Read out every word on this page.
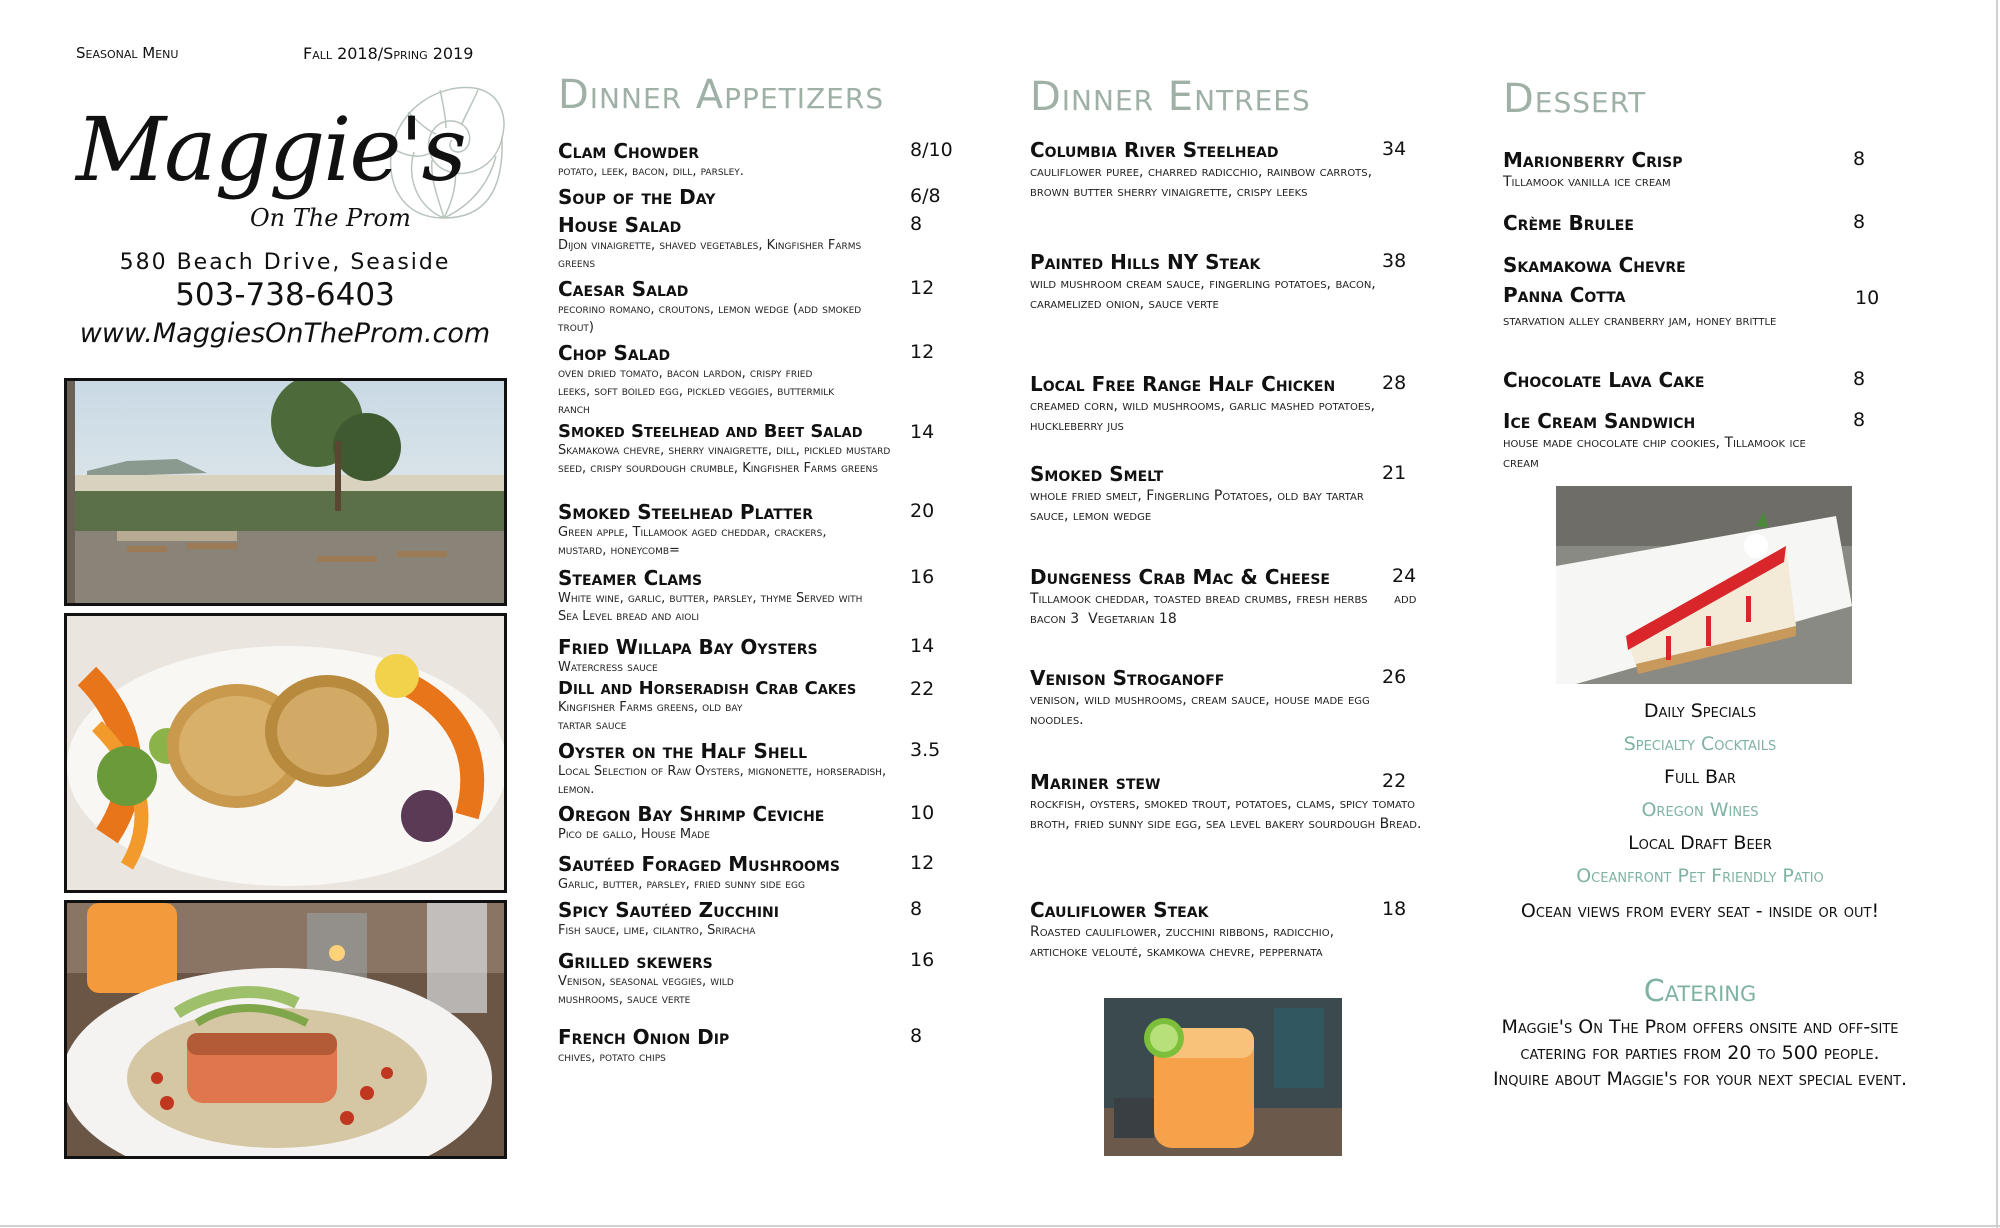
Seasonal Menu	Fall 2018/Spring 2019
Maggie's
On The Prom
580 Beach Drive, Seaside
503-738-6403
www.MaggiesOnTheProm.com
Dinner Appetizers
Clam Chowder	8/10
potato, leek, bacon, dill, parsley.
Soup of the Day	6/8
House Salad	8
Dijon vinaigrette, shaved vegetables, Kingfisher Farms greens
Caesar Salad	12
pecorino romano, croutons, lemon wedge (add smoked trout)
Chop Salad	12
oven dried tomato, bacon lardon, crispy fried leeks, soft boiled egg, pickled veggies, buttermilk ranch
Smoked Steelhead and Beet Salad	14
Skamakowa chevre, sherry vinaigrette, dill, pickled mustard seed, crispy sourdough crumble, Kingfisher Farms greens
Smoked Steelhead Platter	20
Green apple, Tillamook aged cheddar, crackers, mustard, honeycomb=
Steamer Clams	16
White wine, garlic, butter, parsley, thyme Served with Sea Level bread and aioli
Fried Willapa Bay Oysters	14
Watercress sauce
Dill and Horseradish Crab Cakes	22
Kingfisher Farms greens, old bay tartar sauce
Oyster on the Half Shell	3.5
Local Selection of Raw Oysters, mignonette, horseradish, lemon.
Oregon Bay Shrimp Ceviche	10
Pico de gallo, House Made
Sautéed Foraged Mushrooms	12
Garlic, butter, parsley, fried sunny side egg
Spicy Sautéed Zucchini	8
Fish sauce, lime, cilantro, Sriracha
Grilled skewers	16
Venison, seasonal veggies, wild mushrooms, sauce verte
French Onion Dip	8
chives, potato chips
Dinner Entrees
Columbia River Steelhead	34
cauliflower puree, charred radicchio, rainbow carrots, brown butter sherry vinaigrette, crispy leeks
Painted Hills NY Steak	38
wild mushroom cream sauce, fingerling potatoes, bacon, caramelized onion, sauce verte
Local Free Range Half Chicken	28
creamed corn, wild mushrooms, garlic mashed potatoes, huckleberry jus
Smoked Smelt	21
whole fried smelt, Fingerling Potatoes, old bay tartar sauce, lemon wedge
Dungeness Crab Mac & Cheese	24
Tillamook cheddar, toasted bread crumbs, fresh herbs      add bacon 3  Vegetarian 18
Venison Stroganoff	26
venison, wild mushrooms, cream sauce, house made egg noodles.
Mariner stew	22
rockfish, oysters, smoked trout, potatoes, clams, spicy tomato broth, fried sunny side egg, sea level bakery sourdough Bread.
Cauliflower Steak	18
Roasted cauliflower, zucchini ribbons, radicchio, artichoke velouté, skamkowa chevre, peppernata
Dessert
Marionberry Crisp	8
Tillamook vanilla ice cream
Crème Brulee	8
Skamakowa Chevre
Panna Cotta	10
starvation alley cranberry jam, honey brittle
Chocolate Lava Cake	8
Ice Cream Sandwich	8
house made chocolate chip cookies, Tillamook ice cream
Daily Specials
Specialty Cocktails
Full Bar
Oregon Wines
Local Draft Beer
Oceanfront Pet Friendly Patio
Ocean views from every seat - inside or out!
Catering
Maggie's On The Prom offers onsite and off-site catering for parties from 20 to 500 people. Inquire about Maggie's for your next special event.
